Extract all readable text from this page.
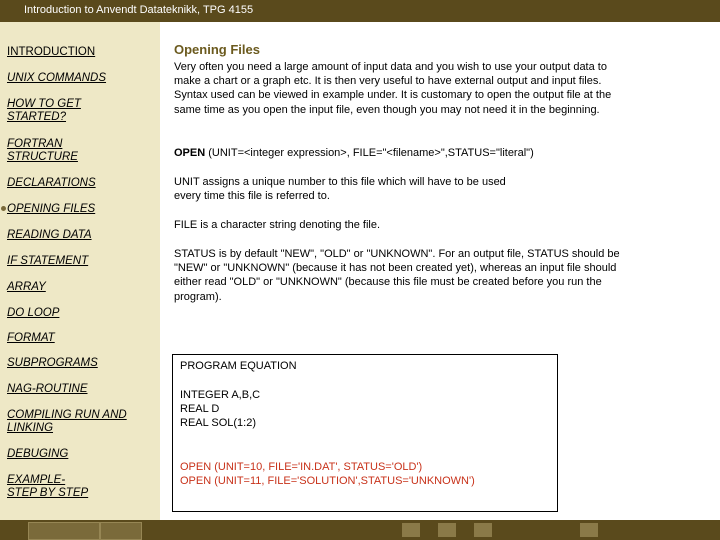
Introduction to Anvendt Datateknikk, TPG 4155
INTRODUCTION
UNIX COMMANDS
HOW TO GET STARTED?
FORTRAN STRUCTURE
DECLARATIONS
OPENING FILES
READING DATA
IF STATEMENT
ARRAY
DO LOOP
FORMAT
SUBPROGRAMS
NAG-ROUTINE
COMPILING RUN AND LINKING
DEBUGING
EXAMPLE- STEP BY STEP
Opening Files
Very often you need a large amount of input data and you wish to use your output data to make a chart or a graph etc. It is then very useful to have external output and input files. Syntax used can be viewed in example under. It is customary to open the output file at the same time as you open the input file, even though you may not need it in the beginning.
OPEN (UNIT=<integer expression>, FILE="<filename>",STATUS="literal")
UNIT assigns a unique number to this file which will have to be used every time this file is referred to.
FILE is a character string denoting the file.
STATUS is by default "NEW", "OLD" or "UNKNOWN". For an output file, STATUS should be "NEW" or "UNKNOWN" (because it has not been created yet), whereas an input file should either read "OLD" or "UNKNOWN" (because this file must be created before you run the program).
PROGRAM EQUATION
INTEGER A,B,C
REAL D
REAL SOL(1:2)
OPEN (UNIT=10, FILE='IN.DAT', STATUS='OLD')
OPEN (UNIT=11, FILE='SOLUTION',STATUS='UNKNOWN')
